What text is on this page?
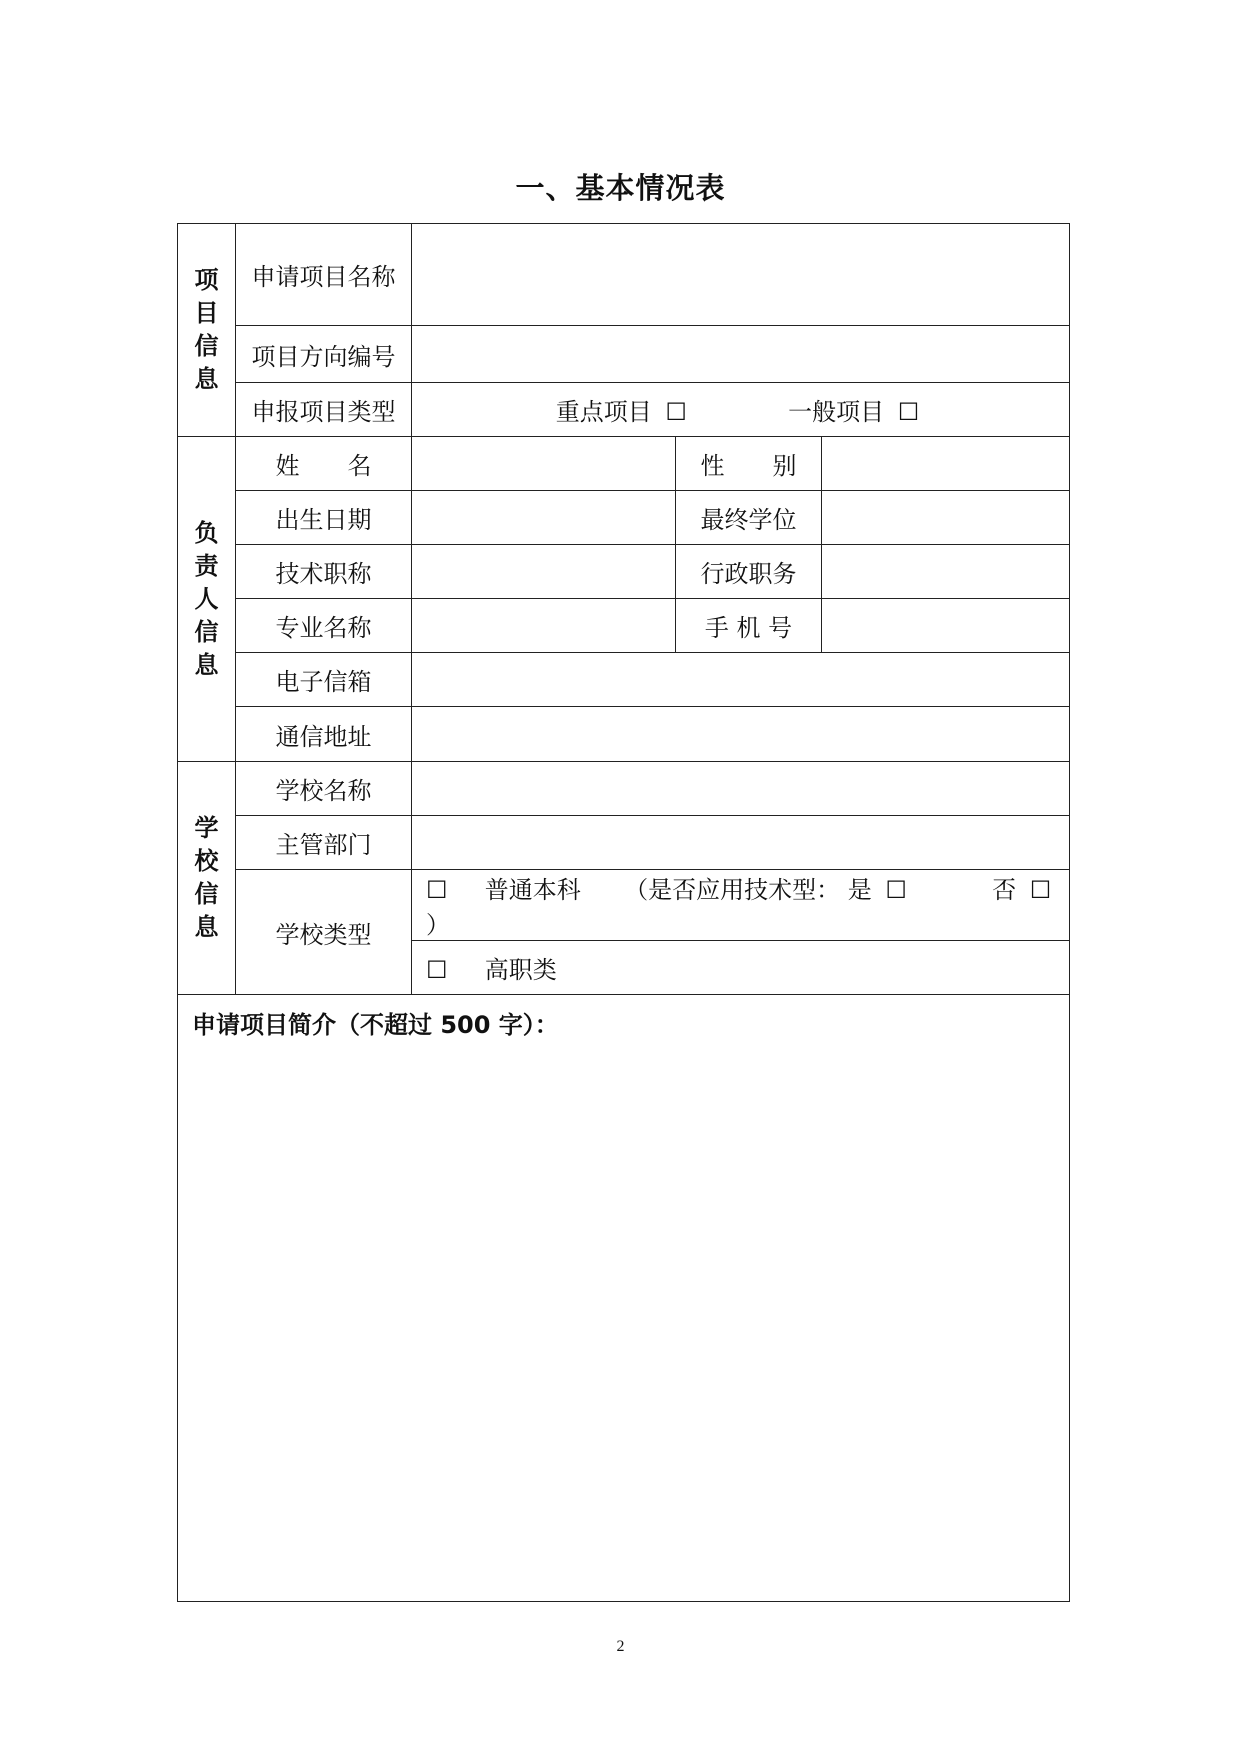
一、基本情况表
项目信息	申请项目名称			
	项目方向编号			
	申报项目类型	重点项目 ☐ 一般项目 ☐		

负责人信息	姓　　名		性　　别	
	出生日期		最终学位	
	技术职称		行政职务	
	专业名称		手 机 号	
	电子信箱			
	通信地址			

学校信息	学校名称			
	主管部门			
	学校类型	☐ 普通本科 （是否应用技术型： 是 ☐ 否 ☐ ）		
		☐ 高职类		
申请项目简介（不超过 500 字）：				
2
